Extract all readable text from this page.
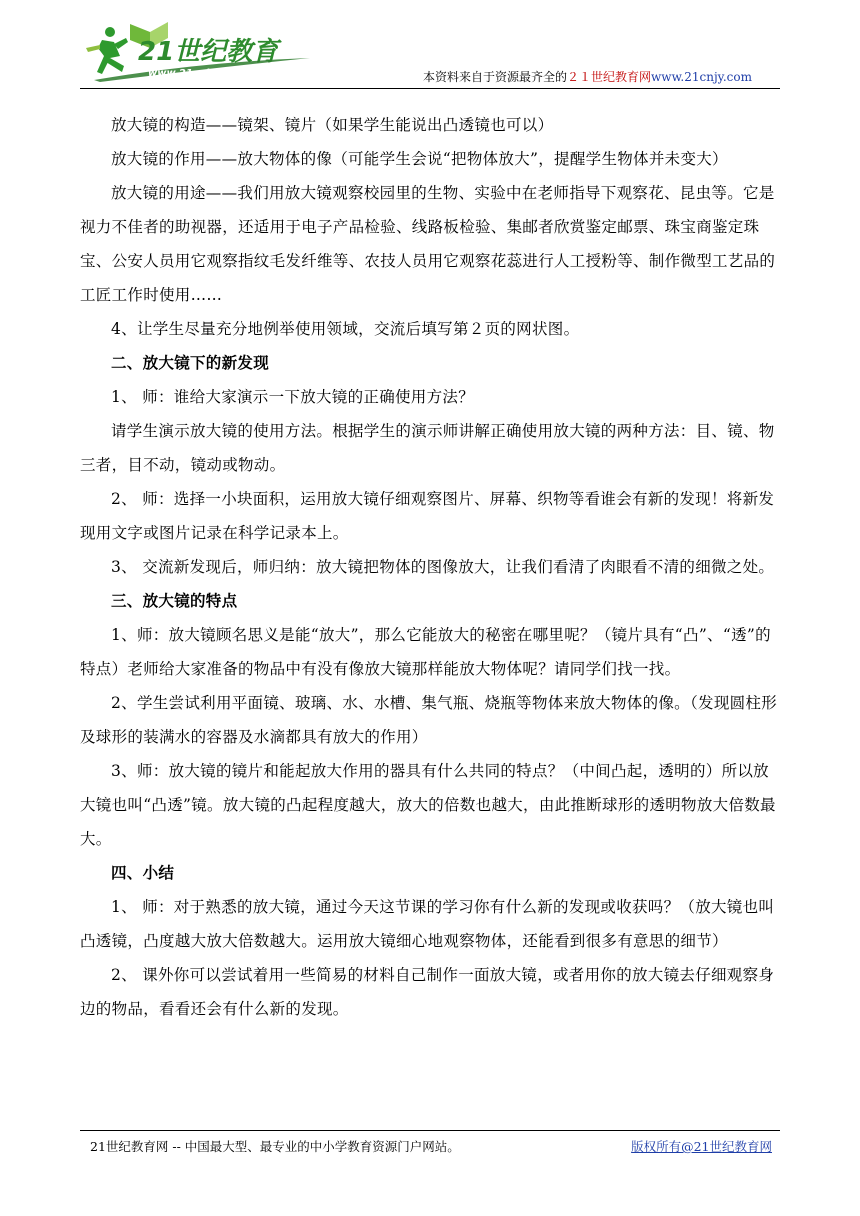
21世纪教育
www.21cnjy.com	本资料来自于资源最齐全的２１世纪教育网www.21cnjy.com

放大镜的构造——镜架、镜片（如果学生能说出凸透镜也可以）

放大镜的作用——放大物体的像（可能学生会说“把物体放大”，提醒学生物体并未变大）

放大镜的用途——我们用放大镜观察校园里的生物、实验中在老师指导下观察花、昆虫等。它是视力不佳者的助视器，还适用于电子产品检验、线路板检验、集邮者欣赏鉴定邮票、珠宝商鉴定珠宝、公安人员用它观察指纹毛发纤维等、农技人员用它观察花蕊进行人工授粉等、制作微型工艺品的工匠工作时使用……

4、让学生尽量充分地例举使用领域，交流后填写第２页的网状图。

二、放大镜下的新发现

1、 师：谁给大家演示一下放大镜的正确使用方法？

请学生演示放大镜的使用方法。根据学生的演示师讲解正确使用放大镜的两种方法：目、镜、物三者，目不动，镜动或物动。

2、 师：选择一小块面积，运用放大镜仔细观察图片、屏幕、织物等看谁会有新的发现！将新发现用文字或图片记录在科学记录本上。

3、 交流新发现后，师归纳：放大镜把物体的图像放大，让我们看清了肉眼看不清的细微之处。

三、放大镜的特点

1、师：放大镜顾名思义是能“放大”，那么它能放大的秘密在哪里呢？（镜片具有“凸”、“透”的特点）老师给大家准备的物品中有没有像放大镜那样能放大物体呢？请同学们找一找。

2、学生尝试利用平面镜、玻璃、水、水槽、集气瓶、烧瓶等物体来放大物体的像。（发现圆柱形及球形的装满水的容器及水滴都具有放大的作用）

3、师：放大镜的镜片和能起放大作用的器具有什么共同的特点？（中间凸起，透明的）所以放大镜也叫“凸透”镜。放大镜的凸起程度越大，放大的倍数也越大，由此推断球形的透明物放大倍数最大。

四、小结

1、 师：对于熟悉的放大镜，通过今天这节课的学习你有什么新的发现或收获吗？（放大镜也叫凸透镜，凸度越大放大倍数越大。运用放大镜细心地观察物体，还能看到很多有意思的细节）

2、 课外你可以尝试着用一些简易的材料自己制作一面放大镜，或者用你的放大镜去仔细观察身边的物品，看看还会有什么新的发现。

21世纪教育网 -- 中国最大型、最专业的中小学教育资源门户网站。	版权所有@21世纪教育网
